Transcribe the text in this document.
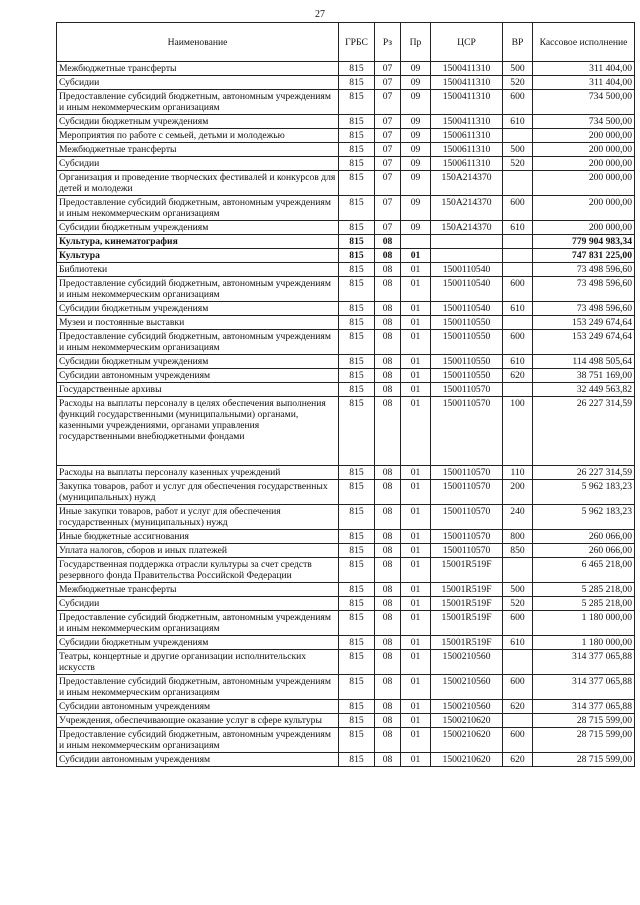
27
Наименование	ГРБС	Рз	Пр	ЦСР	ВР	Кассовое исполнение
Межбюджетные трансферты	815	07	09	1500411310	500	311 404,00
Субсидии	815	07	09	1500411310	520	311 404,00
Предоставление субсидий бюджетным, автономным учреждениям и иным некоммерческим организациям	815	07	09	1500411310	600	734 500,00
Субсидии бюджетным учреждениям	815	07	09	1500411310	610	734 500,00
Мероприятия по работе с семьей, детьми и молодежью	815	07	09	1500611310		200 000,00
Межбюджетные трансферты	815	07	09	1500611310	500	200 000,00
Субсидии	815	07	09	1500611310	520	200 000,00
Организация и проведение творческих фестивалей и конкурсов для детей и молодежи	815	07	09	150А214370		200 000,00
Предоставление субсидий бюджетным, автономным учреждениям и иным некоммерческим организациям	815	07	09	150А214370	600	200 000,00
Субсидии бюджетным учреждениям	815	07	09	150А214370	610	200 000,00
Культура, кинематография	815	08				779 904 983,34
Культура	815	08	01			747 831 225,00
Библиотеки	815	08	01	1500110540		73 498 596,60
Предоставление субсидий бюджетным, автономным учреждениям и иным некоммерческим организациям	815	08	01	1500110540	600	73 498 596,60
Субсидии бюджетным учреждениям	815	08	01	1500110540	610	73 498 596,60
Музеи и постоянные выставки	815	08	01	1500110550		153 249 674,64
Предоставление субсидий бюджетным, автономным учреждениям и иным некоммерческим организациям	815	08	01	1500110550	600	153 249 674,64
Субсидии бюджетным учреждениям	815	08	01	1500110550	610	114 498 505,64
Субсидии автономным учреждениям	815	08	01	1500110550	620	38 751 169,00
Государственные архивы	815	08	01	1500110570		32 449 563,82
Расходы на выплаты персоналу в целях обеспечения выполнения функций государственными (муниципальными) органами, казенными учреждениями, органами управления государственными внебюджетными фондами	815	08	01	1500110570	100	26 227 314,59
Расходы на выплаты персоналу казенных учреждений	815	08	01	1500110570	110	26 227 314,59
Закупка товаров, работ и услуг для обеспечения государственных (муниципальных) нужд	815	08	01	1500110570	200	5 962 183,23
Иные закупки товаров, работ и услуг для обеспечения государственных (муниципальных) нужд	815	08	01	1500110570	240	5 962 183,23
Иные бюджетные ассигнования	815	08	01	1500110570	800	260 066,00
Уплата налогов, сборов и иных платежей	815	08	01	1500110570	850	260 066,00
Государственная поддержка отрасли культуры за счет средств резервного фонда Правительства Российской Федерации	815	08	01	15001R519F		6 465 218,00
Межбюджетные трансферты	815	08	01	15001R519F	500	5 285 218,00
Субсидии	815	08	01	15001R519F	520	5 285 218,00
Предоставление субсидий бюджетным, автономным учреждениям и иным некоммерческим организациям	815	08	01	15001R519F	600	1 180 000,00
Субсидии бюджетным учреждениям	815	08	01	15001R519F	610	1 180 000,00
Театры, концертные и другие организации исполнительских искусств	815	08	01	1500210560		314 377 065,88
Предоставление субсидий бюджетным, автономным учреждениям и иным некоммерческим организациям	815	08	01	1500210560	600	314 377 065,88
Субсидии автономным учреждениям	815	08	01	1500210560	620	314 377 065,88
Учреждения, обеспечивающие оказание услуг в сфере культуры	815	08	01	1500210620		28 715 599,00
Предоставление субсидий бюджетным, автономным учреждениям и иным некоммерческим организациям	815	08	01	1500210620	600	28 715 599,00
Субсидии автономным учреждениям	815	08	01	1500210620	620	28 715 599,00
